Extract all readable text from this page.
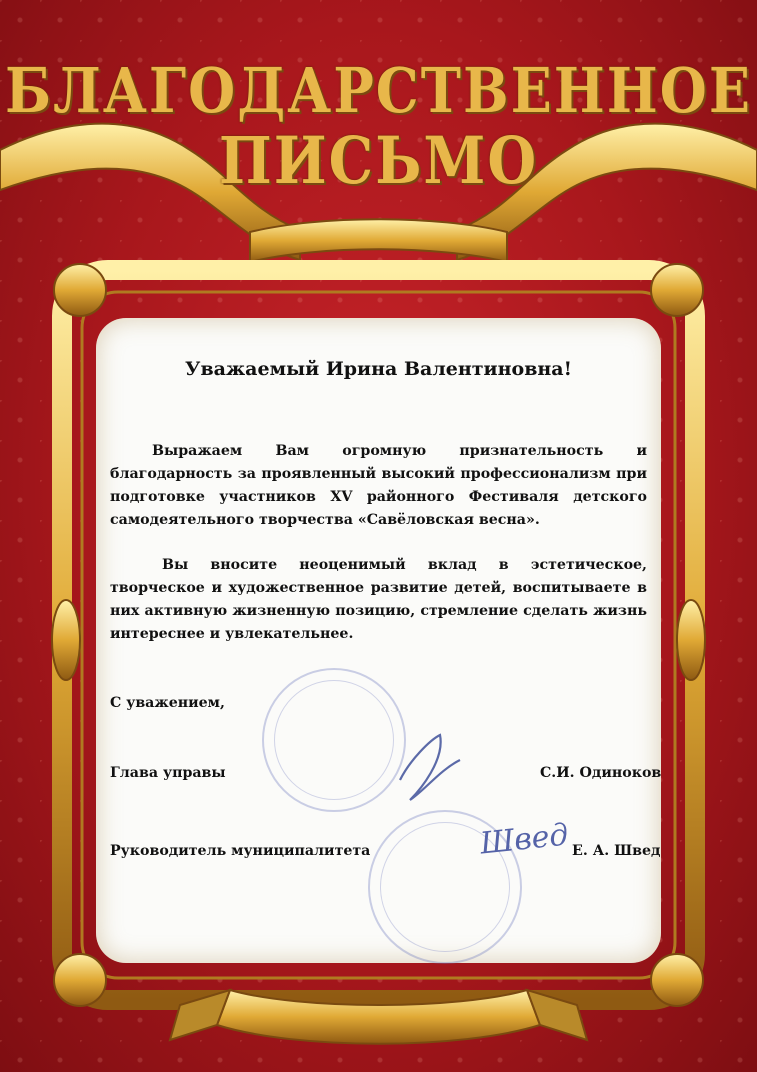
БЛАГОДАРСТВЕННОЕ
ПИСЬМО
Уважаемый Ирина Валентиновна!
Выражаем Вам огромную признательность и благодарность за проявленный высокий профессионализм при подготовке участников XV районного Фестиваля детского самодеятельного творчества «Савёловская весна».
Вы вносите неоценимый вклад в эстетическое, творческое и художественное развитие детей, воспитываете в них активную жизненную позицию, стремление сделать жизнь интереснее и увлекательнее.
С уважением,
Глава управы	С.И. Одиноков
Руководитель муниципалитета	Швед Е. А. Швед
